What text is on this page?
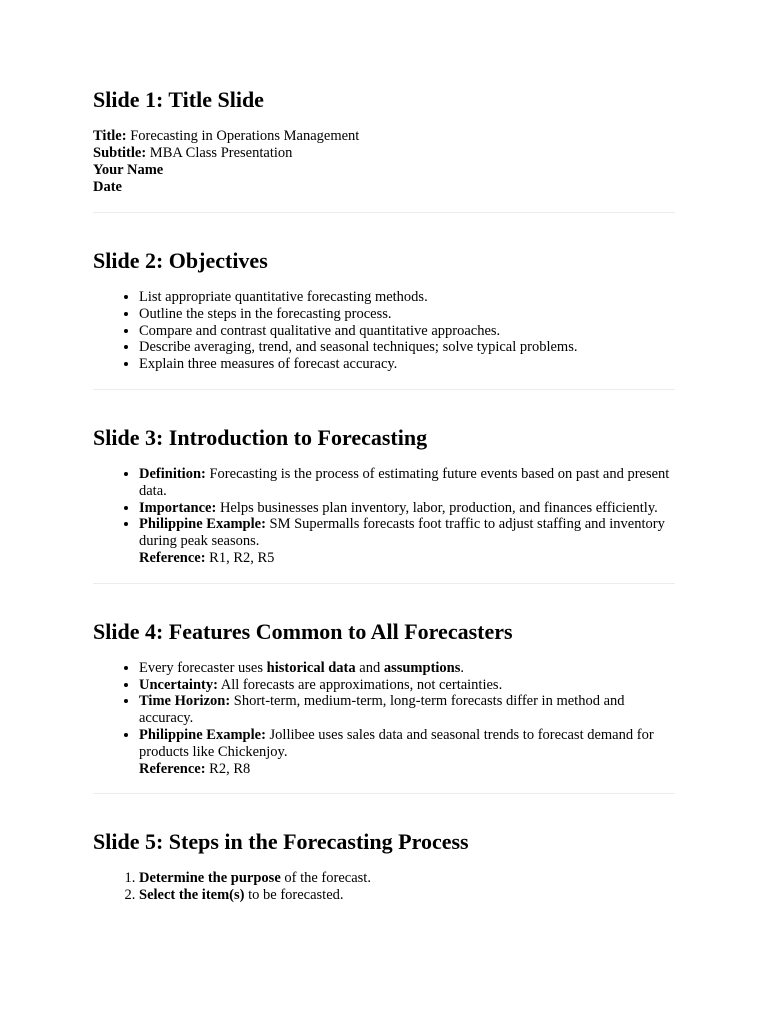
Slide 1: Title Slide
Title: Forecasting in Operations Management
Subtitle: MBA Class Presentation
Your Name
Date
Slide 2: Objectives
• List appropriate quantitative forecasting methods.
• Outline the steps in the forecasting process.
• Compare and contrast qualitative and quantitative approaches.
• Describe averaging, trend, and seasonal techniques; solve typical problems.
• Explain three measures of forecast accuracy.
Slide 3: Introduction to Forecasting
• Definition: Forecasting is the process of estimating future events based on past and present data.
• Importance: Helps businesses plan inventory, labor, production, and finances efficiently.
• Philippine Example: SM Supermalls forecasts foot traffic to adjust staffing and inventory during peak seasons.
Reference: R1, R2, R5
Slide 4: Features Common to All Forecasters
• Every forecaster uses historical data and assumptions.
• Uncertainty: All forecasts are approximations, not certainties.
• Time Horizon: Short-term, medium-term, long-term forecasts differ in method and accuracy.
• Philippine Example: Jollibee uses sales data and seasonal trends to forecast demand for products like Chickenjoy.
Reference: R2, R8
Slide 5: Steps in the Forecasting Process
1. Determine the purpose of the forecast.
2. Select the item(s) to be forecasted.
